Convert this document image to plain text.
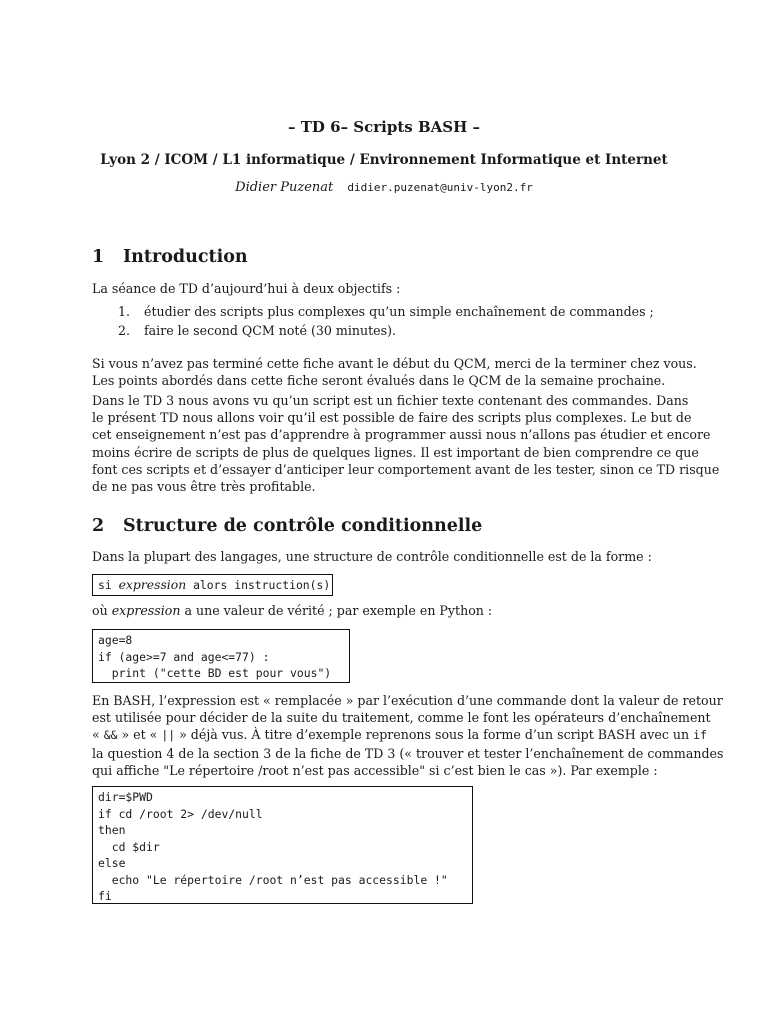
– TD 6– Scripts BASH –
Lyon 2 / ICOM / L1 informatique / Environnement Informatique et Internet
Didier Puzenat didier.puzenat@univ-lyon2.fr
1 Introduction

La séance de TD d’aujourd’hui à deux objectifs :

1. étudier des scripts plus complexes qu’un simple enchaînement de commandes ;
2. faire le second QCM noté (30 minutes).

Si vous n’avez pas terminé cette fiche avant le début du QCM, merci de la terminer chez vous.
Les points abordés dans cette fiche seront évalués dans le QCM de la semaine prochaine.

Dans le TD 3 nous avons vu qu’un script est un fichier texte contenant des commandes. Dans
le présent TD nous allons voir qu’il est possible de faire des scripts plus complexes. Le but de
cet enseignement n’est pas d’apprendre à programmer aussi nous n’allons pas étudier et encore
moins écrire de scripts de plus de quelques lignes. Il est important de bien comprendre ce que
font ces scripts et d’essayer d’anticiper leur comportement avant de les tester, sinon ce TD risque
de ne pas vous être très profitable.

2 Structure de contrôle conditionnelle

Dans la plupart des langages, une structure de contrôle conditionnelle est de la forme :

si expression alors instruction(s)

où expression a une valeur de vérité ; par exemple en Python :

age=8
if (age>=7 and age<=77) :
print ("cette BD est pour vous")

En BASH, l’expression est « remplacée » par l’exécution d’une commande dont la valeur de retour
est utilisée pour décider de la suite du traitement, comme le font les opérateurs d’enchaînement
« && » et « || » déjà vus. À titre d’exemple reprenons sous la forme d’un script BASH avec un if
la question 4 de la section 3 de la fiche de TD 3 (« trouver et tester l’enchaînement de commandes
qui affiche "Le répertoire /root n’est pas accessible" si c’est bien le cas »). Par exemple :

dir=$PWD
if cd /root 2> /dev/null
then
cd $dir
else
echo "Le répertoire /root n’est pas accessible !"
fi
